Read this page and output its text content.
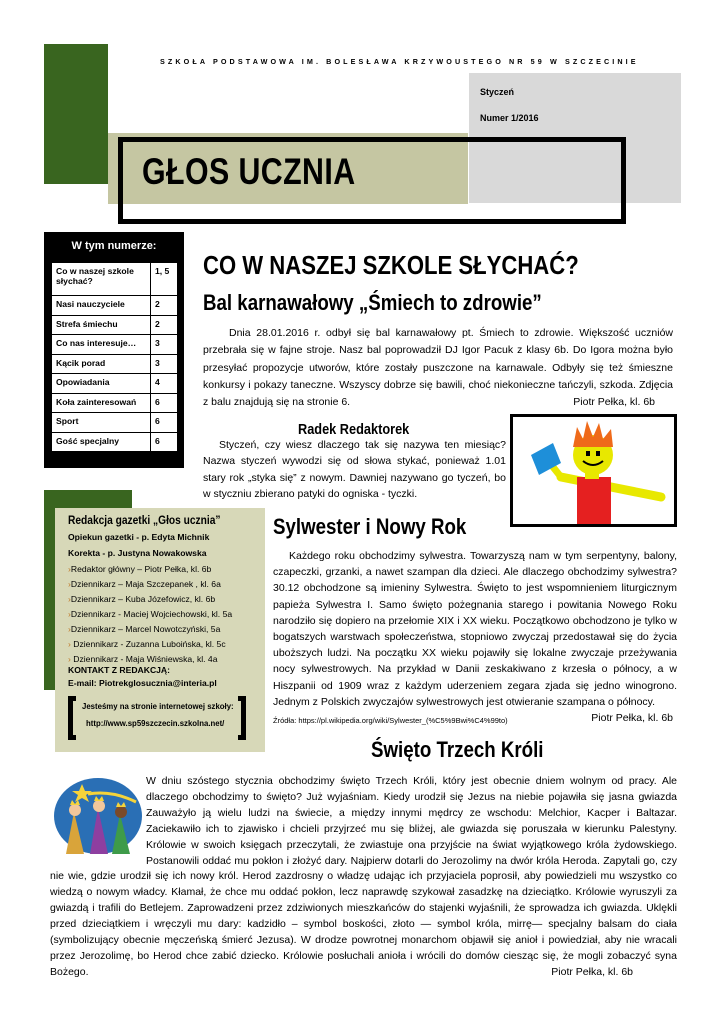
SZKOŁA PODSTAWOWA IM. BOLESŁAWA KRZYWOUSTEGO NR 59 W SZCZECINIE
Styczeń
Numer 1/2016
GŁOS UCZNIA
W tym numerze:
Co w naszej szkole słychać?	1, 5
Nasi nauczyciele	2
Strefa śmiechu	2
Co nas interesuje…	3
Kącik porad	3
Opowiadania	4
Koła zainteresowań	6
Sport	6
Gość specjalny	6
CO W NASZEJ SZKOLE SŁYCHAĆ?
Bal karnawałowy „Śmiech to zdrowie”
Dnia 28.01.2016 r. odbył się bal karnawałowy pt. Śmiech to zdrowie. Większość uczniów przebrała się w fajne stroje. Nasz bal poprowadził DJ Igor Pacuk z klasy 6b. Do Igora można było przesyłać propozycje utworów, które zostały puszczone na karnawale. Odbyły się też śmieszne konkursy i pokazy taneczne. Wszyscy dobrze się bawili, choć niekonieczne tańczyli, szkoda. Zdjęcia z balu znajdują się na stronie 6.	Piotr Pełka, kl. 6b
Radek Redaktorek
Styczeń, czy wiesz dlaczego tak się nazywa ten miesiąc? Nazwa styczeń wywodzi się od słowa stykać, ponieważ 1.01 stary rok „styka się” z nowym. Dawniej nazywano go tyczeń, bo w styczniu zbierano patyki do ogniska - tyczki.
Redakcja gazetki „Głos ucznia”
Opiekun gazetki - p. Edyta Michnik
Korekta - p. Justyna Nowakowska
›Redaktor główny – Piotr Pełka, kl. 6b
›Dziennikarz – Maja Szczepanek , kl. 6a
›Dziennikarz – Kuba Józefowicz, kl. 6b
›Dziennikarz - Maciej Wojciechowski, kl. 5a
›Dziennikarz – Marcel Nowotczyński, 5a
› Dziennikarz - Zuzanna Luboińska, kl. 5c
› Dziennikarz - Maja Wiśniewska, kl. 4a
KONTAKT Z REDAKCJĄ:
E-mail: Piotrekglosucznia@interia.pl
Jesteśmy na stronie internetowej szkoły:
http://www.sp59szczecin.szkolna.net/
Sylwester i Nowy Rok
Każdego roku obchodzimy sylwestra. Towarzyszą nam w tym serpentyny, balony, czapeczki, grzanki, a nawet szampan dla dzieci. Ale dlaczego obchodzimy sylwestra? 30.12 obchodzone są imieniny Sylwestra. Święto to jest wspomnieniem liturgicznym papieża Sylwestra I. Samo święto pożegnania starego i powitania Nowego Roku narodziło się dopiero na przełomie XIX i XX wieku. Początkowo obchodzono je tylko w bogatszych warstwach społeczeństwa, stopniowo zwyczaj przedostawał się do życia uboższych ludzi. Na początku XX wieku pojawiły się lokalne zwyczaje przeżywania nocy sylwestrowych. Na przykład w Danii zeskakiwano z krzesła o północy, a w Hiszpanii od 1909 wraz z każdym uderzeniem zegara zjada się jedno winogrono. Jednym z Polskich zwyczajów sylwestrowych jest otwieranie szampana o północy.
Piotr Pełka, kl. 6b
Źródła: https://pl.wikipedia.org/wiki/Sylwester_(%C5%9Bwi%C4%99to)
Święto Trzech Króli
W dniu szóstego stycznia obchodzimy święto Trzech Króli, który jest obecnie dniem wolnym od pracy. Ale dlaczego obchodzimy to święto? Już wyjaśniam. Kiedy urodził się Jezus na niebie pojawiła się jasna gwiazda Zauważyło ją wielu ludzi na świecie, a między innymi mędrcy ze wschodu: Melchior, Kacper i Baltazar. Zaciekawiło ich to zjawisko i chcieli przyjrzeć mu się bliżej, ale gwiazda się poruszała w kierunku Palestyny. Królowie w swoich księgach przeczytali, że zwiastuje ona przyjście na świat wyjątkowego króla żydowskiego. Postanowili oddać mu pokłon i złożyć dary. Najpierw dotarli do Jerozolimy na dwór króla Heroda. Zapytali go, czy nie wie, gdzie urodził się ich nowy król. Herod zazdrosny o władzę udając ich przyjaciela poprosił, aby powiedzieli mu wszystko co wiedzą o nowym władcy. Kłamał, że chce mu oddać pokłon, lecz naprawdę szykował zasadzkę na dzieciątko. Królowie wyruszyli za gwiazdą i trafili do Betlejem. Zaprowadzeni przez zdziwionych mieszkańców do stajenki wyjaśnili, że sprowadza ich gwiazda. Uklękli przed dzieciątkiem i wręczyli mu dary: kadzidło – symbol boskości, złoto — symbol króla, mirrę— specjalny balsam do ciała (symbolizujący obecnie męczeńską śmierć Jezusa). W drodze powrotnej monarchom objawił się anioł i powiedział, aby nie wracali przez Jerozolimę, bo Herod chce zabić dziecko. Królowie posłuchali anioła i wrócili do domów ciesząc się, że mogli zobaczyć syna Bożego.	Piotr Pełka, kl. 6b
